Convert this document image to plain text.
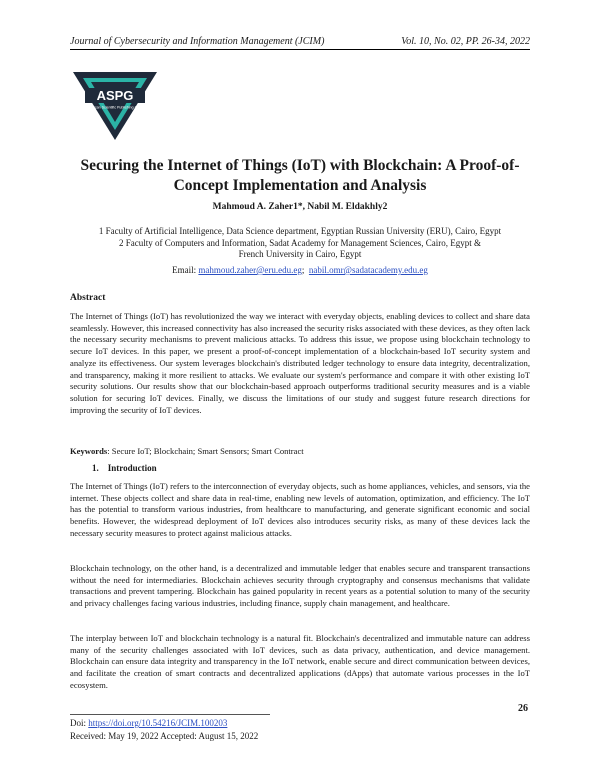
Journal of Cybersecurity and Information Management (JCIM)	Vol. 10, No. 02, PP. 26-34, 2022
ASPG
American Scientific Publishing Group
Securing the Internet of Things (IoT) with Blockchain: A Proof-of-
Concept Implementation and Analysis
Mahmoud A. Zaher1*, Nabil M. Eldakhly2
1 Faculty of Artificial Intelligence, Data Science department, Egyptian Russian University (ERU), Cairo, Egypt
2 Faculty of Computers and Information, Sadat Academy for Management Sciences, Cairo, Egypt &
French University in Cairo, Egypt
Email: mahmoud.zaher@eru.edu.eg; nabil.omr@sadatacademy.edu.eg
Abstract

The Internet of Things (IoT) has revolutionized the way we interact with everyday objects, enabling devices to collect and share data seamlessly. However, this increased connectivity has also increased the security risks associated with these devices, as they often lack the necessary security mechanisms to prevent malicious attacks. To address this issue, we propose using blockchain technology to secure IoT devices. In this paper, we present a proof-of-concept implementation of a blockchain-based IoT security system and analyze its effectiveness. Our system leverages blockchain's distributed ledger technology to ensure data integrity, decentralization, and transparency, making it more resilient to attacks. We evaluate our system's performance and compare it with other existing IoT security solutions. Our results show that our blockchain-based approach outperforms traditional security measures and is a viable solution for securing IoT devices. Finally, we discuss the limitations of our study and suggest future research directions for improving the security of IoT devices.

Keywords: Secure IoT; Blockchain; Smart Sensors; Smart Contract
1. Introduction

The Internet of Things (IoT) refers to the interconnection of everyday objects, such as home appliances, vehicles, and sensors, via the internet. These objects collect and share data in real-time, enabling new levels of automation, optimization, and efficiency. The IoT has the potential to transform various industries, from healthcare to manufacturing, and generate significant economic and social benefits. However, the widespread deployment of IoT devices also introduces security risks, as many of these devices lack the necessary security measures to protect against malicious attacks.

Blockchain technology, on the other hand, is a decentralized and immutable ledger that enables secure and transparent transactions without the need for intermediaries. Blockchain achieves security through cryptography and consensus mechanisms that validate transactions and prevent tampering. Blockchain has gained popularity in recent years as a potential solution to many of the security and privacy challenges facing various industries, including finance, supply chain management, and healthcare.

The interplay between IoT and blockchain technology is a natural fit. Blockchain's decentralized and immutable nature can address many of the security challenges associated with IoT devices, such as data privacy, authentication, and device management. Blockchain can ensure data integrity and transparency in the IoT network, enable secure and direct communication between devices, and facilitate the creation of smart contracts and decentralized applications (dApps) that automate various processes in the IoT ecosystem.

26
Doi: https://doi.org/10.54216/JCIM.100203
Received: May 19, 2022 Accepted: August 15, 2022
